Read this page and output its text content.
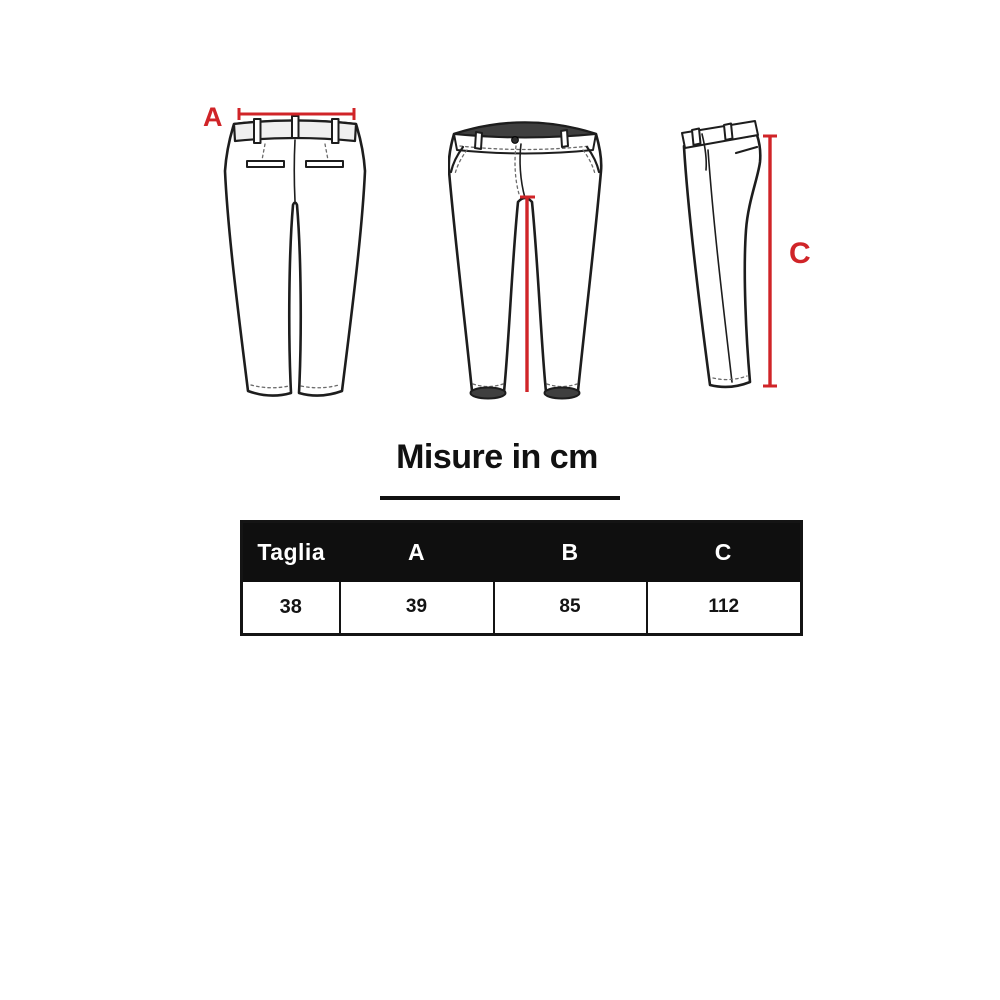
A
C
Misure in cm
Taglia	A	B	C
38	39	85	112
